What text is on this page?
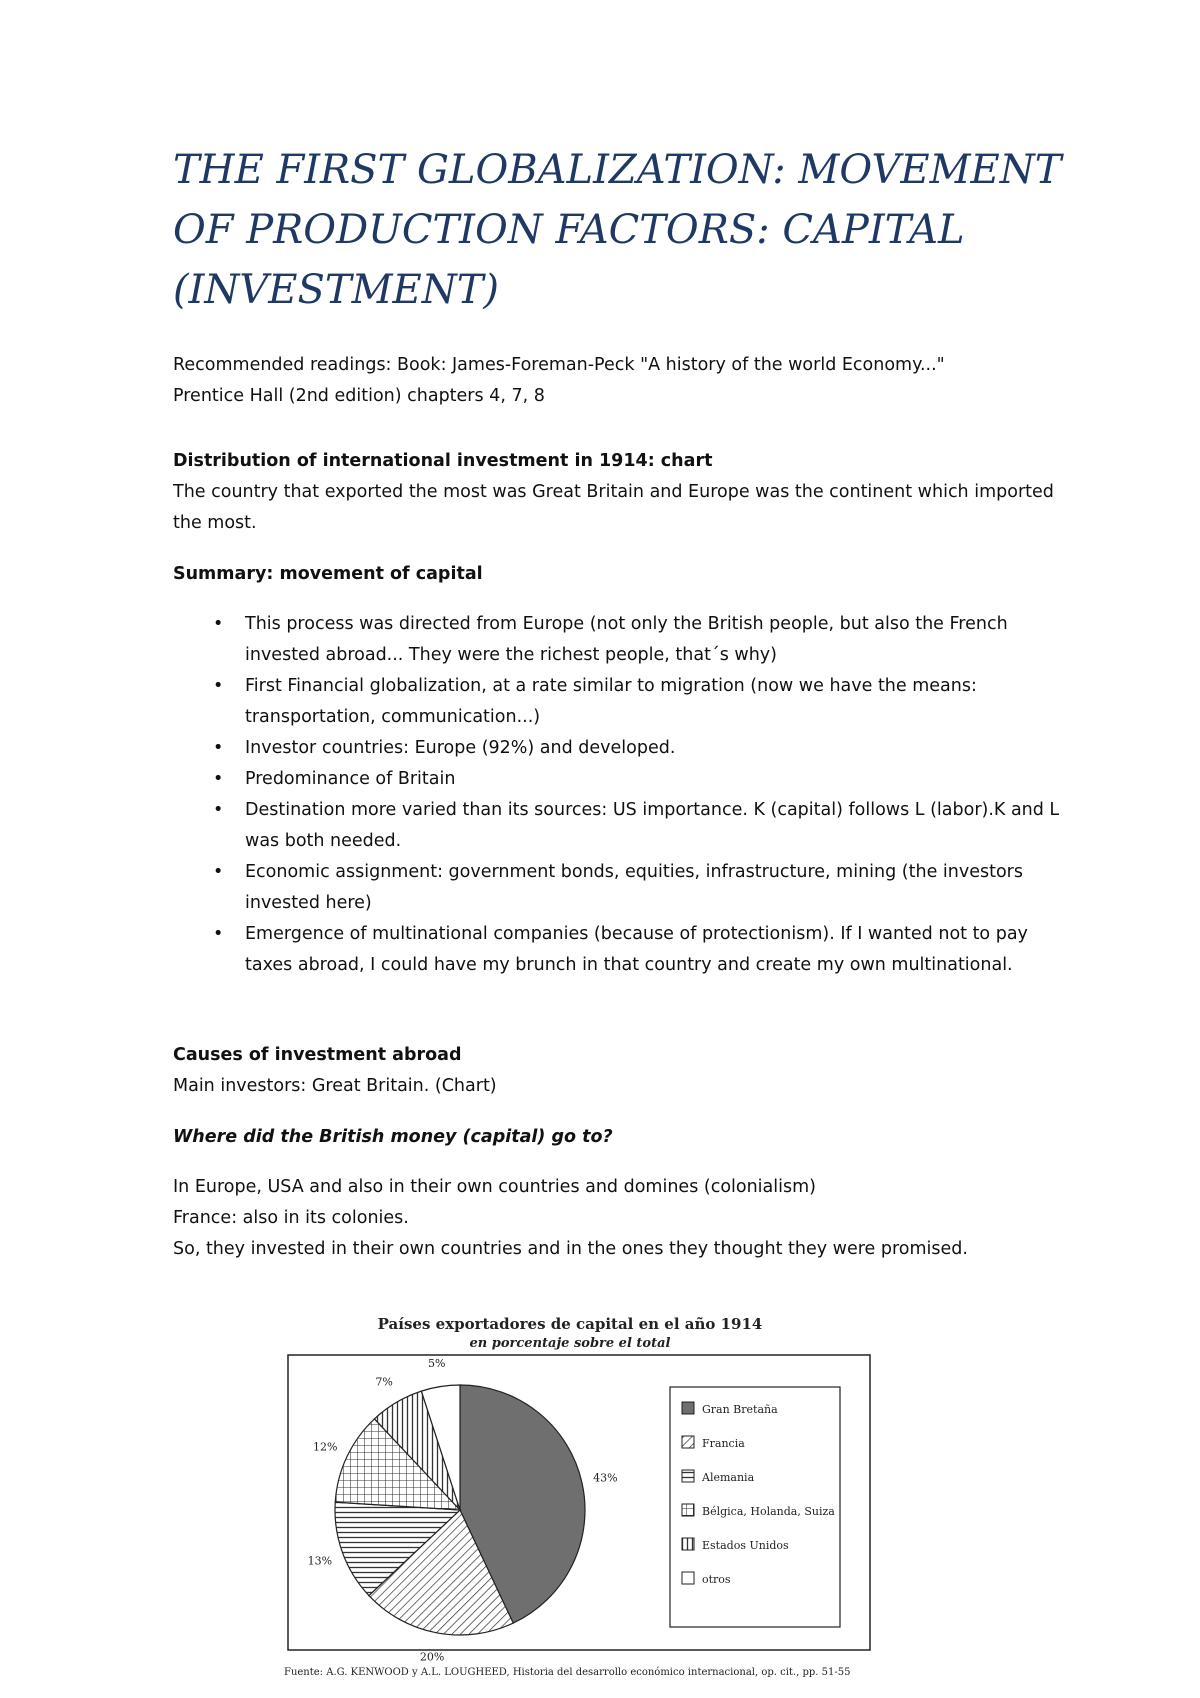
THE FIRST GLOBALIZATION: MOVEMENT OF PRODUCTION FACTORS: CAPITAL (INVESTMENT)

Recommended readings: Book: James-Foreman-Peck "A history of the world Economy..."
Prentice Hall (2nd edition) chapters 4, 7, 8

Distribution of international investment in 1914: chart
The country that exported the most was Great Britain and Europe was the continent which imported the most.

Summary: movement of capital

• This process was directed from Europe (not only the British people, but also the French invested abroad... They were the richest people, that´s why)
• First Financial globalization, at a rate similar to migration (now we have the means: transportation, communication...)
• Investor countries: Europe (92%) and developed.
• Predominance of Britain
• Destination more varied than its sources: US importance. K (capital) follows L (labor).K and L was both needed.
• Economic assignment: government bonds, equities, infrastructure, mining (the investors invested here)
• Emergence of multinational companies (because of protectionism). If I wanted not to pay taxes abroad, I could have my brunch in that country and create my own multinational.

Causes of investment abroad
Main investors: Great Britain. (Chart)

Where did the British money (capital) go to?

In Europe, USA and also in their own countries and domines (colonialism)
France: also in its colonies.
So, they invested in their own countries and in the ones they thought they were promised.

Países exportadores de capital en el año 1914
en porcentaje sobre el total
43%
20%
13%
12%
7%
5%
Gran Bretaña
Francia
Alemania
Bélgica, Holanda, Suiza
Estados Unidos
otros
Fuente: A.G. KENWOOD y A.L. LOUGHEED, Historia del desarrollo económico internacional, op. cit., pp. 51-55
